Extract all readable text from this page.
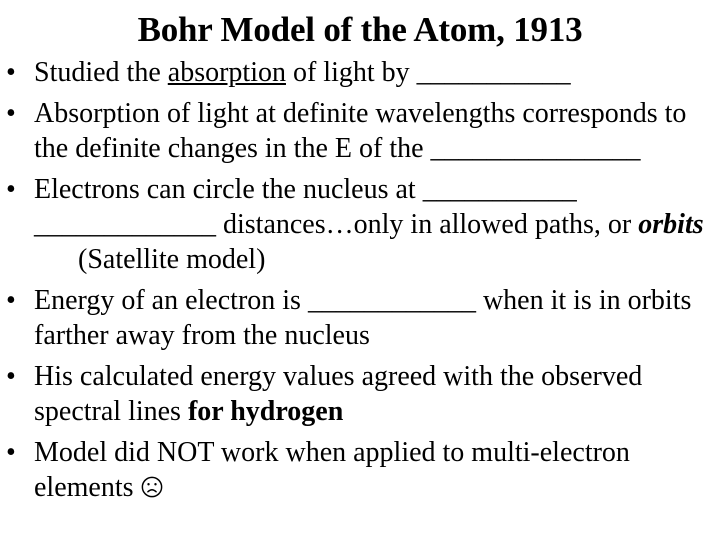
Bohr Model of the Atom, 1913
• Studied the absorption of light by ___________
• Absorption of light at definite wavelengths corresponds to the definite changes in the E of the _______________
• Electrons can circle the nucleus at ___________ _____________ distances…only in allowed paths, or orbits(Satellite model)
• Energy of an electron is ____________ when it is in orbits farther away from the nucleus
• His calculated energy values agreed with the observed spectral lines for hydrogen
• Model did NOT work when applied to multi-electron elements
